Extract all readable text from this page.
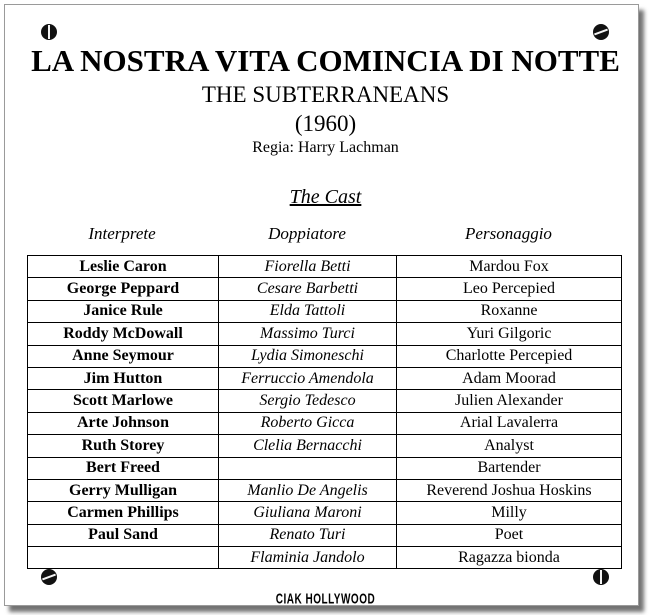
LA NOSTRA VITA COMINCIA DI NOTTE
THE SUBTERRANEANS
(1960)
Regia: Harry Lachman
The Cast
Interprete	Doppiatore	Personaggio
Leslie Caron	Fiorella Betti	Mardou Fox
George Peppard	Cesare Barbetti	Leo Percepied
Janice Rule	Elda Tattoli	Roxanne
Roddy McDowall	Massimo Turci	Yuri Gilgoric
Anne Seymour	Lydia Simoneschi	Charlotte Percepied
Jim Hutton	Ferruccio Amendola	Adam Moorad
Scott Marlowe	Sergio Tedesco	Julien Alexander
Arte Johnson	Roberto Gicca	Arial Lavalerra
Ruth Storey	Clelia Bernacchi	Analyst
Bert Freed		Bartender
Gerry Mulligan	Manlio De Angelis	Reverend Joshua Hoskins
Carmen Phillips	Giuliana Maroni	Milly
Paul Sand	Renato Turi	Poet
	Flaminia Jandolo	Ragazza bionda
CIAK HOLLYWOOD
